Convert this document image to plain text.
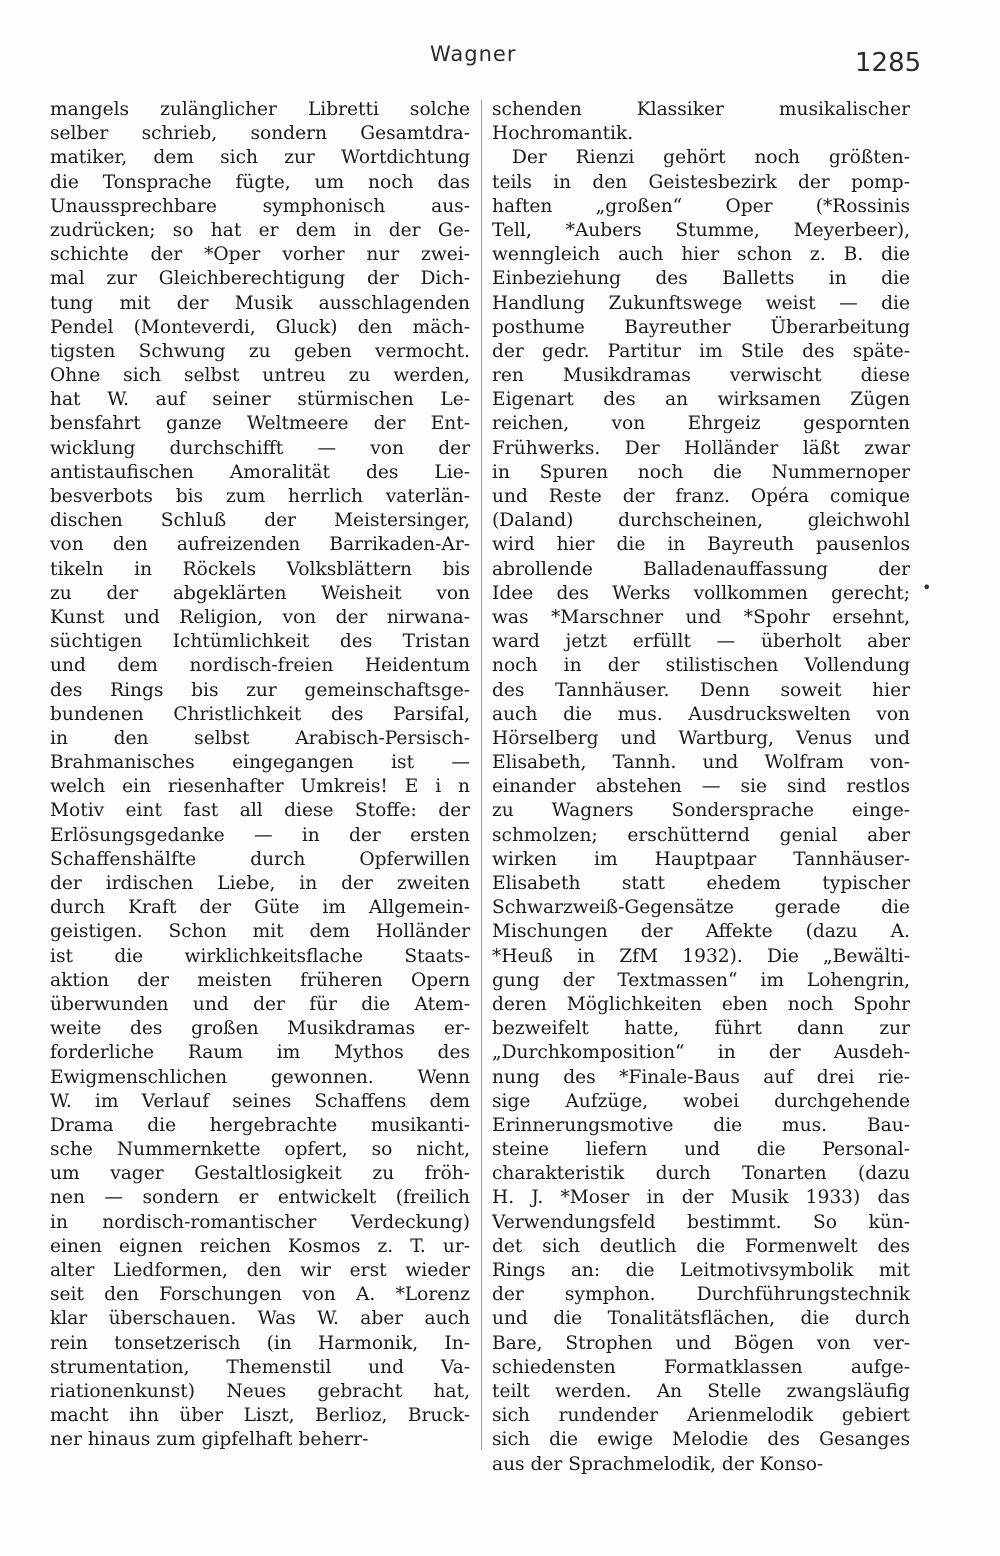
Wagner	1285
mangels zulänglicher Libretti solche
selber schrieb, sondern Gesamtdra-
matiker, dem sich zur Wortdichtung
die Tonsprache fügte, um noch das
Unaussprechbare symphonisch aus-
zudrücken; so hat er dem in der Ge-
schichte der *Oper vorher nur zwei-
mal zur Gleichberechtigung der Dich-
tung mit der Musik ausschlagenden
Pendel (Monteverdi, Gluck) den mäch-
tigsten Schwung zu geben vermocht.
Ohne sich selbst untreu zu werden,
hat W. auf seiner stürmischen Le-
bensfahrt ganze Weltmeere der Ent-
wicklung durchschifft — von der
antistaufischen Amoralität des Lie-
besverbots bis zum herrlich vaterlän-
dischen Schluß der Meistersinger,
von den aufreizenden Barrikaden-Ar-
tikeln in Röckels Volksblättern bis
zu der abgeklärten Weisheit von
Kunst und Religion, von der nirwana-
süchtigen Ichtümlichkeit des Tristan
und dem nordisch-freien Heidentum
des Rings bis zur gemeinschaftsge-
bundenen Christlichkeit des Parsifal,
in den selbst Arabisch-Persisch-
Brahmanisches eingegangen ist —
welch ein riesenhafter Umkreis! E i n
Motiv eint fast all diese Stoffe: der
Erlösungsgedanke — in der ersten
Schaffenshälfte durch Opferwillen
der irdischen Liebe, in der zweiten
durch Kraft der Güte im Allgemein-
geistigen. Schon mit dem Holländer
ist die wirklichkeitsflache Staats-
aktion der meisten früheren Opern
überwunden und der für die Atem-
weite des großen Musikdramas er-
forderliche Raum im Mythos des
Ewigmenschlichen gewonnen. Wenn
W. im Verlauf seines Schaffens dem
Drama die hergebrachte musikanti-
sche Nummernkette opfert, so nicht,
um vager Gestaltlosigkeit zu fröh-
nen — sondern er entwickelt (freilich
in nordisch-romantischer Verdeckung)
einen eignen reichen Kosmos z. T. ur-
alter Liedformen, den wir erst wieder
seit den Forschungen von A. *Lorenz
klar überschauen. Was W. aber auch
rein tonsetzerisch (in Harmonik, In-
strumentation, Themenstil und Va-
riationenkunst) Neues gebracht hat,
macht ihn über Liszt, Berlioz, Bruck-
ner hinaus zum gipfelhaft beherr-
schenden Klassiker musikalischer
Hochromantik.
Der Rienzi gehört noch größten-
teils in den Geistesbezirk der pomp-
haften „großen“ Oper (*Rossinis
Tell, *Aubers Stumme, Meyerbeer),
wenngleich auch hier schon z. B. die
Einbeziehung des Balletts in die
Handlung Zukunftswege weist — die
posthume Bayreuther Überarbeitung
der gedr. Partitur im Stile des späte-
ren Musikdramas verwischt diese
Eigenart des an wirksamen Zügen
reichen, von Ehrgeiz gespornten
Frühwerks. Der Holländer läßt zwar
in Spuren noch die Nummernoper
und Reste der franz. Opéra comique
(Daland) durchscheinen, gleichwohl
wird hier die in Bayreuth pausenlos
abrollende Balladenauffassung der
Idee des Werks vollkommen gerecht;
was *Marschner und *Spohr ersehnt,
ward jetzt erfüllt — überholt aber
noch in der stilistischen Vollendung
des Tannhäuser. Denn soweit hier
auch die mus. Ausdruckswelten von
Hörselberg und Wartburg, Venus und
Elisabeth, Tannh. und Wolfram von-
einander abstehen — sie sind restlos
zu Wagners Sondersprache einge-
schmolzen; erschütternd genial aber
wirken im Hauptpaar Tannhäuser-
Elisabeth statt ehedem typischer
Schwarzweiß-Gegensätze gerade die
Mischungen der Affekte (dazu A.
*Heuß in ZfM 1932). Die „Bewälti-
gung der Textmassen“ im Lohengrin,
deren Möglichkeiten eben noch Spohr
bezweifelt hatte, führt dann zur
„Durchkomposition“ in der Ausdeh-
nung des *Finale-Baus auf drei rie-
sige Aufzüge, wobei durchgehende
Erinnerungsmotive die mus. Bau-
steine liefern und die Personal-
charakteristik durch Tonarten (dazu
H. J. *Moser in der Musik 1933) das
Verwendungsfeld bestimmt. So kün-
det sich deutlich die Formenwelt des
Rings an: die Leitmotivsymbolik mit
der symphon. Durchführungstechnik
und die Tonalitätsflächen, die durch
Bare, Strophen und Bögen von ver-
schiedensten Formatklassen aufge-
teilt werden. An Stelle zwangsläufig
sich rundender Arienmelodik gebiert
sich die ewige Melodie des Gesanges
aus der Sprachmelodik, der Konso-
•
